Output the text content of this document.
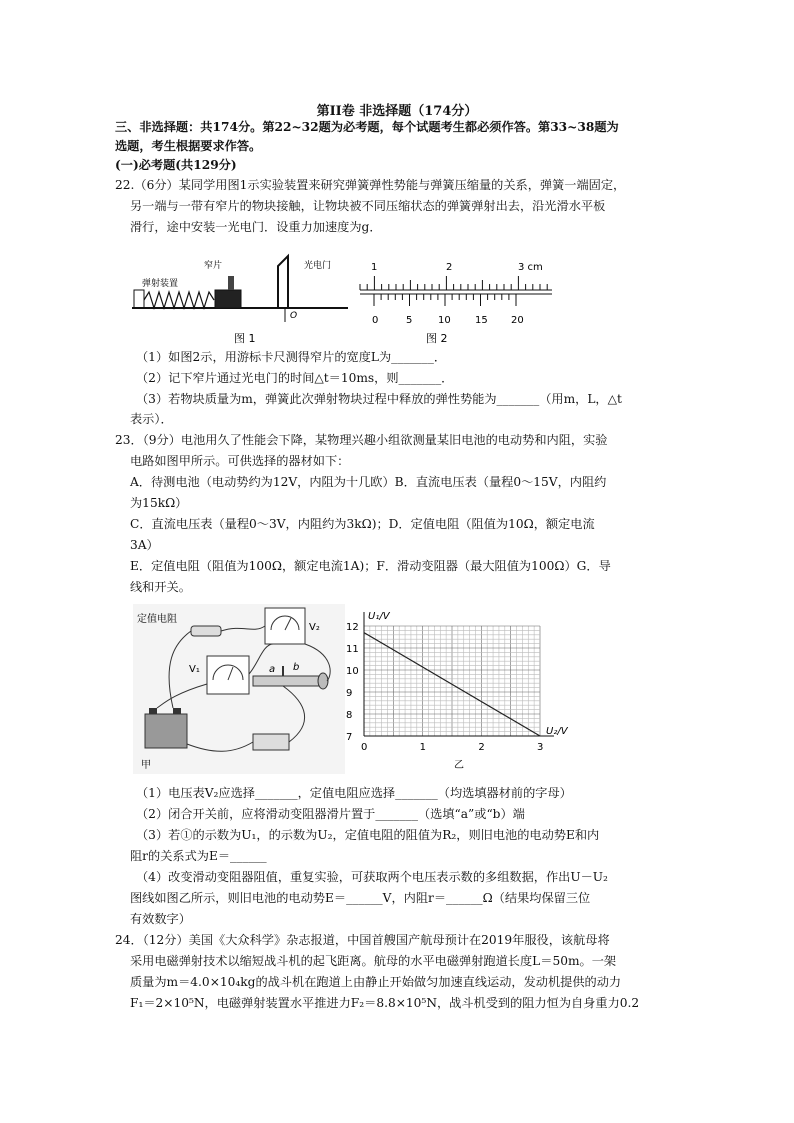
第II卷 非选择题（174分）
三、非选择题：共174分。第22~32题为必考题，每个试题考生都必须作答。第33~38题为
选题，考生根据要求作答。
(一)必考题(共129分)
22.（6分）某同学用图1示实验装置来研究弹簧弹性势能与弹簧压缩量的关系，弹簧一端固定，
另一端与一带有窄片的物块接触，让物块被不同压缩状态的弹簧弹射出去，沿光滑水平板
滑行，途中安装一光电门．设重力加速度为g．
弹射装置
窄片	光电门
O
图 1
1	2	3 cm
0	5	10 15 20
图 2
（1）如图2示，用游标卡尺测得窄片的宽度L为_______．
（2）记下窄片通过光电门的时间△t＝10ms，则_______．
（3）若物块质量为m，弹簧此次弹射物块过程中释放的弹性势能为_______（用m，L，△t
表示）．
23．（9分）电池用久了性能会下降，某物理兴趣小组欲测量某旧电池的电动势和内阻，实验
电路如图甲所示。可供选择的器材如下：
A．待测电池（电动势约为12V，内阻为十几欧）B．直流电压表（量程0～15V，内阻约
为15kΩ）
C．直流电压表（量程0～3V，内阻约为3kΩ)；D．定值电阻（阻值为10Ω，额定电流
3A）
E．定值电阻（阻值为100Ω，额定电流1A)；F．滑动变阻器（最大阻值为100Ω）G．导
线和开关。
定值电阻
V₂
V₁	a b
甲
0	1	2	3
7
8
9
10
11
12
U₁/V
U₂/V
乙
（1）电压表V₂应选择_______，定值电阻应选择_______（均选填器材前的字母）
（2）闭合开关前，应将滑动变阻器滑片置于_______（选填“a”或“b）端
（3）若①的示数为U₁，的示数为U₂，定值电阻的阻值为R₂，则旧电池的电动势E和内
阻r的关系式为E＝______
（4）改变滑动变阻器阻值，重复实验，可获取两个电压表示数的多组数据，作出U－U₂
图线如图乙所示，则旧电池的电动势E＝______V，内阻r＝______Ω（结果均保留三位
有效数字）
24．（12分）美国《大众科学》杂志报道，中国首艘国产航母预计在2019年服役，该航母将
采用电磁弹射技术以缩短战斗机的起飞距离。航母的水平电磁弹射跑道长度L＝50m。一架
质量为m＝4.0×10₄kg的战斗机在跑道上由静止开始做匀加速直线运动，发动机提供的动力
F₁＝2×10⁵N，电磁弹射装置水平推进力F₂＝8.8×10⁵N，战斗机受到的阻力恒为自身重力0.2
